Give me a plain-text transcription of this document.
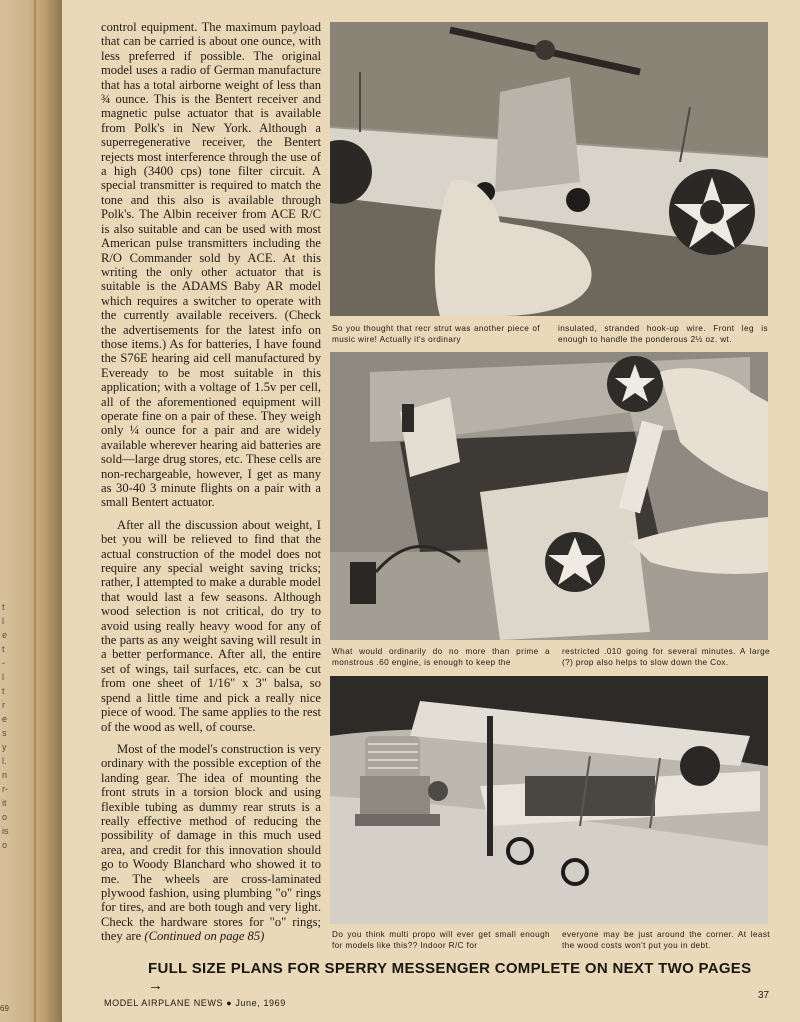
t
l
e
t
-
l
t
r
e
s
y
l.
n
r-
it
o
is
o
69

control equipment. The maximum payload that can be carried is about one ounce, with less preferred if possible. The original model uses a radio of German manufacture that has a total airborne weight of less than ¾ ounce. This is the Bentert receiver and magnetic pulse actuator that is available from Polk's in New York. Although a superregenerative receiver, the Bentert rejects most interference through the use of a high (3400 cps) tone filter circuit. A special transmitter is required to match the tone and this also is available through Polk's. The Albin receiver from ACE R/C is also suitable and can be used with most American pulse transmitters including the R/O Commander sold by ACE. At this writing the only other actuator that is suitable is the ADAMS Baby AR model which requires a switcher to operate with the currently available receivers. (Check the advertisements for the latest info on those items.) As for batteries, I have found the S76E hearing aid cell manufactured by Eveready to be most suitable in this application; with a voltage of 1.5v per cell, all of the aforementioned equipment will operate fine on a pair of these. They weigh only ¼ ounce for a pair and are widely available wherever hearing aid batteries are sold—large drug stores, etc. These cells are non-rechargeable, however, I get as many as 30-40 3 minute flights on a pair with a small Bentert actuator.

After all the discussion about weight, I bet you will be relieved to find that the actual construction of the model does not require any special weight saving tricks; rather, I attempted to make a durable model that would last a few seasons. Although wood selection is not critical, do try to avoid using really heavy wood for any of the parts as any weight saving will result in a better performance. After all, the entire set of wings, tail surfaces, etc. can be cut from one sheet of 1/16" x 3" balsa, so spend a little time and pick a really nice piece of wood. The same applies to the rest of the wood as well, of course.

Most of the model's construction is very ordinary with the possible exception of the landing gear. The idea of mounting the front struts in a torsion block and using flexible tubing as dummy rear struts is a really effective method of reducing the possibility of damage in this much used area, and credit for this innovation should go to Woody Blanchard who showed it to me. The wheels are cross-laminated plywood fashion, using plumbing "o" rings for tires, and are both tough and very light. Check the hardware stores for "o" rings; they are (Continued on page 85)

So you thought that recr strut was another piece of music wire! Actually it's ordinary
insulated, stranded hook-up wire. Front leg is enough to handle the ponderous 2½ oz. wt.
What would ordinarily do no more than prime a monstrous .60 engine, is enough to keep the
restricted .010 going for several minutes. A large (?) prop also helps to slow down the Cox.
Do you think multi propo will ever get small enough for models like this?? Indoor R/C for
everyone may be just around the corner. At least the wood costs won't put you in debt.
FULL SIZE PLANS FOR SPERRY MESSENGER COMPLETE ON NEXT TWO PAGES →
MODEL AIRPLANE NEWS ● June, 1969
37
